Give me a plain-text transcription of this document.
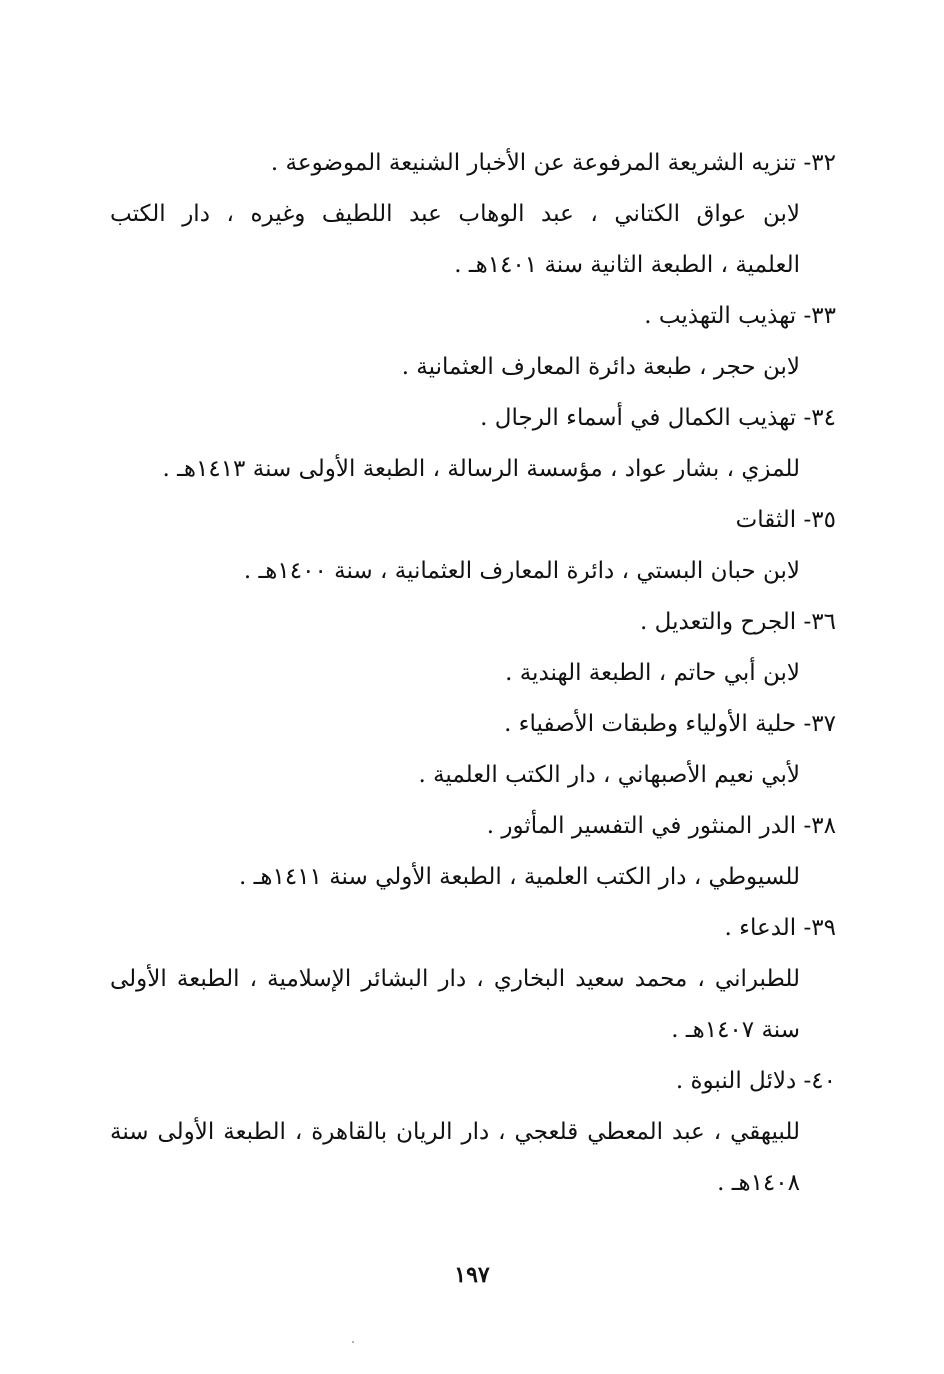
٣٢- تنزيه الشريعة المرفوعة عن الأخبار الشنيعة الموضوعة .

لابن عواق الكتاني ، عبد الوهاب عبد اللطيف وغيره ، دار الكتب

العلمية ، الطبعة الثانية سنة ١٤٠١هـ .

٣٣- تهذيب التهذيب .

لابن حجر ، طبعة دائرة المعارف العثمانية .

٣٤- تهذيب الكمال في أسماء الرجال .

للمزي ، بشار عواد ، مؤسسة الرسالة ، الطبعة الأولى سنة ١٤١٣هـ .

٣٥- الثقات

لابن حبان البستي ، دائرة المعارف العثمانية ، سنة ١٤٠٠هـ .

٣٦- الجرح والتعديل .

لابن أبي حاتم ، الطبعة الهندية .

٣٧- حلية الأولياء وطبقات الأصفياء .

لأبي نعيم الأصبهاني ، دار الكتب العلمية .

٣٨- الدر المنثور في التفسير المأثور .

للسيوطي ، دار الكتب العلمية ، الطبعة الأولي سنة ١٤١١هـ .

٣٩- الدعاء .

للطبراني ، محمد سعيد البخاري ، دار البشائر الإسلامية ، الطبعة الأولى

سنة ١٤٠٧هـ .

٤٠- دلائل النبوة .

للبيهقي ، عبد المعطي قلعجي ، دار الريان بالقاهرة ، الطبعة الأولى سنة

١٤٠٨هـ .

١٩٧
